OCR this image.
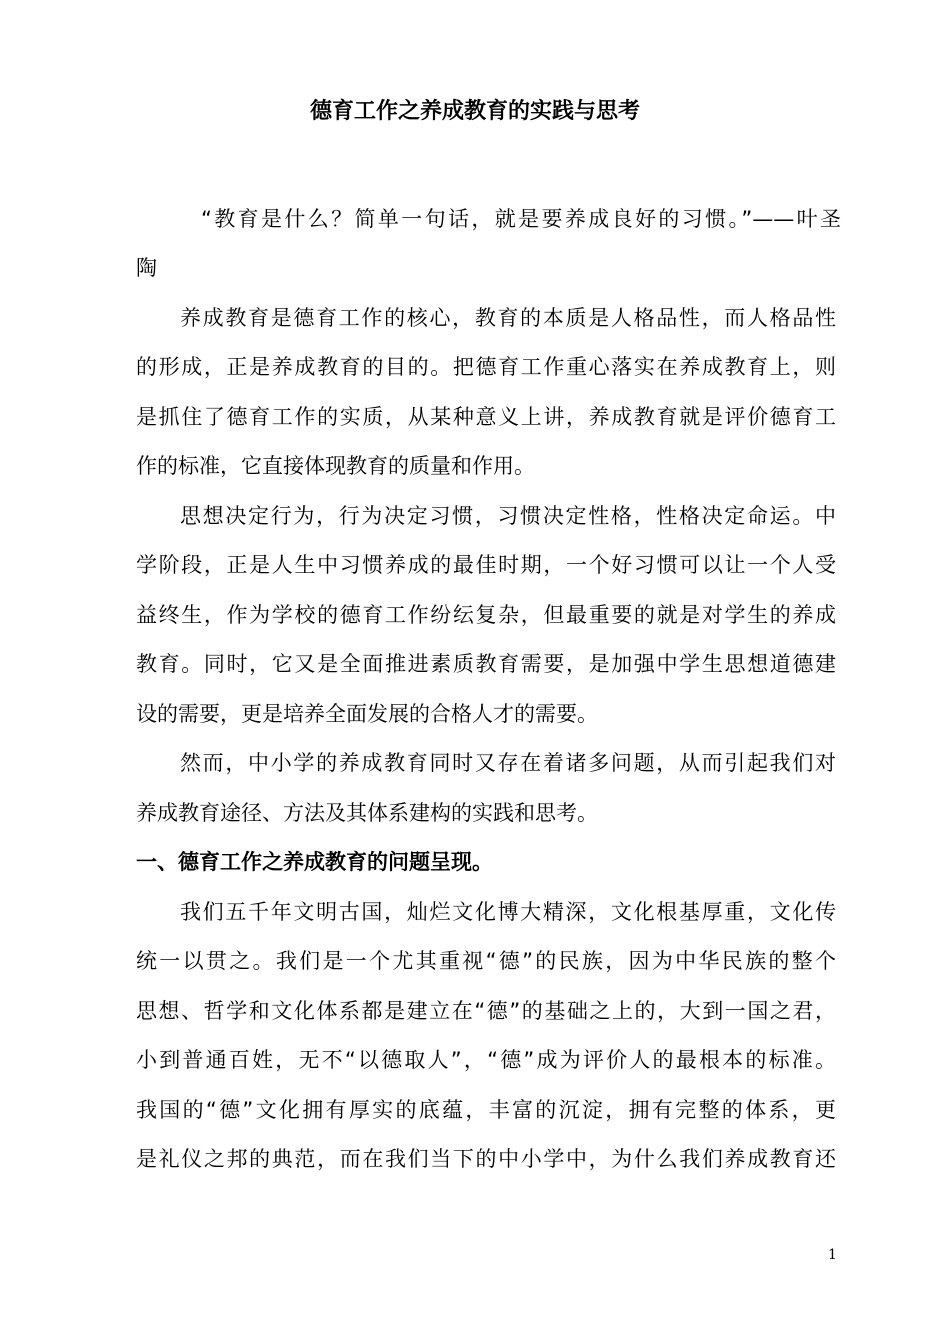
德育工作之养成教育的实践与思考
“教育是什么？简单一句话，就是要养成良好的习惯。”——叶圣
陶
养成教育是德育工作的核心，教育的本质是人格品性，而人格品性
的形成，正是养成教育的目的。把德育工作重心落实在养成教育上，则
是抓住了德育工作的实质，从某种意义上讲，养成教育就是评价德育工
作的标准，它直接体现教育的质量和作用。
思想决定行为，行为决定习惯，习惯决定性格，性格决定命运。中
学阶段，正是人生中习惯养成的最佳时期，一个好习惯可以让一个人受
益终生，作为学校的德育工作纷纭复杂，但最重要的就是对学生的养成
教育。同时，它又是全面推进素质教育需要，是加强中学生思想道德建
设的需要，更是培养全面发展的合格人才的需要。
然而，中小学的养成教育同时又存在着诸多问题，从而引起我们对
养成教育途径、方法及其体系建构的实践和思考。
一、德育工作之养成教育的问题呈现。
我们五千年文明古国，灿烂文化博大精深，文化根基厚重，文化传
统一以贯之。我们是一个尤其重视“德”的民族，因为中华民族的整个
思想、哲学和文化体系都是建立在“德”的基础之上的，大到一国之君，
小到普通百姓，无不“以德取人”，“德”成为评价人的最根本的标准。
我国的“德”文化拥有厚实的底蕴，丰富的沉淀，拥有完整的体系，更
是礼仪之邦的典范，而在我们当下的中小学中，为什么我们养成教育还
1
